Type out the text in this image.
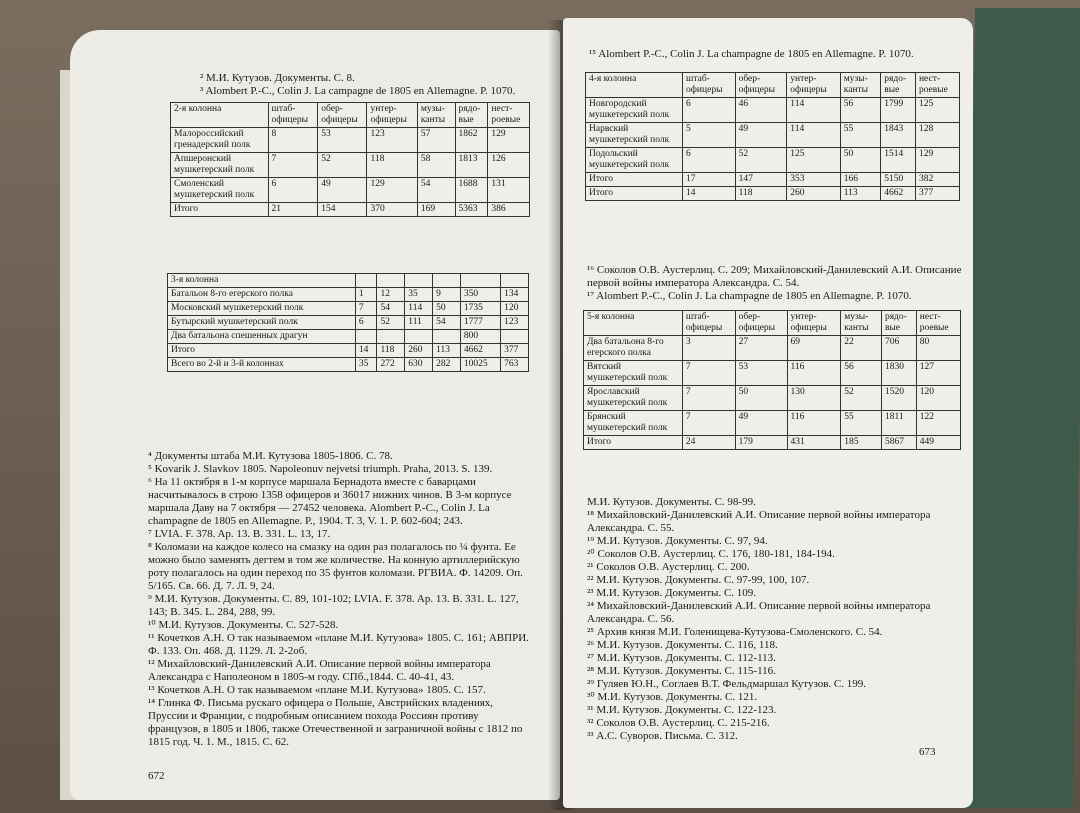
² М.И. Кутузов. Документы. С. 8.

³ Alombert P.-C., Colin J. La campagne de 1805 en Allemagne. P. 1070.

2-я колонна	штаб-офицеры	обер-офицеры	унтер-офицеры	музы-канты	рядо-вые	нест-роевые
Малороссийский гренадерский полк	8	53	123	57	1862	129
Апшеронский мушкетерский полк	7	52	118	58	1813	126
Смоленский мушкетерский полк	6	49	129	54	1688	131
Итого	21	154	370	169	5363	386
3-я колонна						
Батальон 8-го егерского полка	1	12	35	9	350	134
Московский мушкетерский полк	7	54	114	50	1735	120
Бутырский мушкетерский полк	6	52	111	54	1777	123
Два батальона спешенных драгун					800	
Итого	14	118	260	113	4662	377
Всего во 2-й и 3-й колоннах	35	272	630	282	10025	763

⁴ Документы штаба М.И. Кутузова 1805-1806. С. 78.

⁵ Kovarik J. Slavkov 1805. Napoleonuv nejvetsi triumph. Praha, 2013. S. 139.

⁶ На 11 октября в 1-м корпусе маршала Бернадота вместе с баварцами насчитывалось в строю 1358 офицеров и 36017 нижних чинов. В 3-м корпусе маршала Даву на 7 октября — 27452 человека. Alombert P.-C., Colin J. La champagne de 1805 en Allemagne. P., 1904. T. 3, V. 1. P. 602-604; 243.

⁷ LVIA. F. 378. Ap. 13. B. 331. L. 13, 17.

⁸ Коломази на каждое колесо на смазку на один раз полагалось по ¼ фунта. Ее можно было заменять дегтем в том же количестве. На конную артиллерийскую роту полагалось на один переход по 35 фунтов коломази. РГВИА. Ф. 14209. Оп. 5/165. Св. 66. Д. 7. Л. 9, 24.

⁹ М.И. Кутузов. Документы. С. 89, 101-102; LVIA. F. 378. Ap. 13. B. 331. L. 127, 143; B. 345. L. 284, 288, 99.

¹⁰ М.И. Кутузов. Документы. С. 527-528.

¹¹ Кочетков А.Н. О так называемом «плане М.И. Кутузова» 1805. С. 161; АВПРИ. Ф. 133. Оп. 468. Д. 1129. Л. 2-2об.

¹² Михайловский-Данилевский А.И. Описание первой войны императора Александра с Наполеоном в 1805-м году. СПб.,1844. С. 40-41, 43.

¹³ Кочетков А.Н. О так называемом «плане М.И. Кутузова» 1805. С. 157.

¹⁴ Глинка Ф. Письма рускаго офицера о Польше, Австрийских владениях, Пруссии и Франции, с подробным описанием похода Россиян противу французов, в 1805 и 1806, также Отечественной и заграничной войны с 1812 по 1815 год. Ч. 1. М., 1815. С. 62.

672

¹⁵ Alombert P.-C., Colin J. La champagne de 1805 en Allemagne. P. 1070.

4-я колонна	штаб-офицеры	обер-офицеры	унтер-офицеры	музы-канты	рядо-вые	нест-роевые
Новгородский мушкетерский полк	6	46	114	56	1799	125
Нарвский мушкетерский полк	5	49	114	55	1843	128
Подольский мушкетерский полк	6	52	125	50	1514	129
Итого	17	147	353	166	5150	382
Итого	14	118	260	113	4662	377

¹⁶ Соколов О.В. Аустерлиц. С. 209; Михайловский-Данилевский А.И. Описание первой войны императора Александра. С. 54.

¹⁷ Alombert P.-C., Colin J. La champagne de 1805 en Allemagne. P. 1070.

5-я колонна	штаб-офицеры	обер-офицеры	унтер-офицеры	музы-канты	рядо-вые	нест-роевые
Два батальона 8-го егерского полка	3	27	69	22	706	80
Вятский мушкетерский полк	7	53	116	56	1830	127
Ярославский мушкетерский полк	7	50	130	52	1520	120
Брянский мушкетерский полк	7	49	116	55	1811	122
Итого	24	179	431	185	5867	449

М.И. Кутузов. Документы. С. 98-99.

¹⁸ Михайловский-Данилевский А.И. Описание первой войны императора Александра. С. 55.

¹⁹ М.И. Кутузов. Документы. С. 97, 94.

²⁰ Соколов О.В. Аустерлиц. С. 176, 180-181, 184-194.

²¹ Соколов О.В. Аустерлиц. С. 200.

²² М.И. Кутузов. Документы. С. 97-99, 100, 107.

²³ М.И. Кутузов. Документы. С. 109.

²⁴ Михайловский-Данилевский А.И. Описание первой войны императора Александра. С. 56.

²⁵ Архив князя М.И. Голенищева-Кутузова-Смоленского. С. 54.

²⁶ М.И. Кутузов. Документы. С. 116, 118.

²⁷ М.И. Кутузов. Документы. С. 112-113.

²⁸ М.И. Кутузов. Документы. С. 115-116.

²⁹ Гуляев Ю.Н., Соглаев В.Т. Фельдмаршал Кутузов. С. 199.

³⁰ М.И. Кутузов. Документы. С. 121.

³¹ М.И. Кутузов. Документы. С. 122-123.

³² Соколов О.В. Аустерлиц. С. 215-216.

³³ А.С. Суворов. Письма. С. 312.

673
